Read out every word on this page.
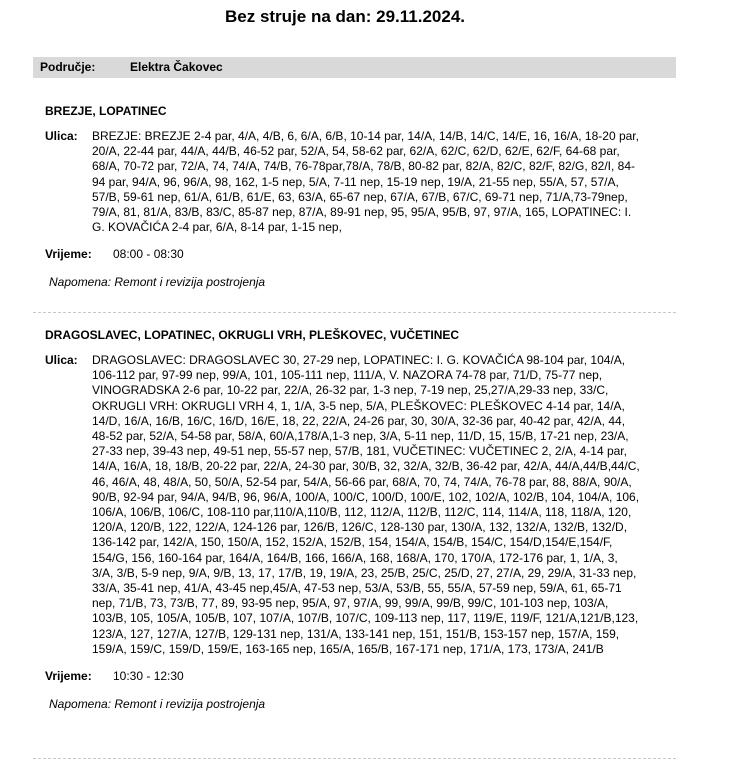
Bez struje na dan: 29.11.2024.
Područje:	Elektra Čakovec
BREZJE, LOPATINEC
Ulica:	BREZJE: BREZJE 2-4 par, 4/A, 4/B, 6, 6/A, 6/B, 10-14 par, 14/A, 14/B, 14/C, 14/E, 16, 16/A, 18-20 par, 20/A, 22-44 par, 44/A, 44/B, 46-52 par, 52/A, 54, 58-62 par, 62/A, 62/C, 62/D, 62/E, 62/F, 64-68 par, 68/A, 70-72 par, 72/A, 74, 74/A, 74/B, 76-78par,78/A, 78/B, 80-82 par, 82/A, 82/C, 82/F, 82/G, 82/I, 84-94 par, 94/A, 96, 96/A, 98, 162, 1-5 nep, 5/A, 7-11 nep, 15-19 nep, 19/A, 21-55 nep, 55/A, 57, 57/A, 57/B, 59-61 nep, 61/A, 61/B, 61/E, 63, 63/A, 65-67 nep, 67/A, 67/B, 67/C, 69-71 nep, 71/A,73-79nep, 79/A, 81, 81/A, 83/B, 83/C, 85-87 nep, 87/A, 89-91 nep, 95, 95/A, 95/B, 97, 97/A, 165, LOPATINEC: I. G. KOVAČIĆA 2-4 par, 6/A, 8-14 par, 1-15 nep,
Vrijeme:	08:00 - 08:30
Napomena: Remont i revizija postrojenja
DRAGOSLAVEC, LOPATINEC, OKRUGLI VRH, PLEŠKOVEC, VUČETINEC
Ulica:	DRAGOSLAVEC: DRAGOSLAVEC 30, 27-29 nep, LOPATINEC: I. G. KOVAČIĆA 98-104 par, 104/A, 106-112 par, 97-99 nep, 99/A, 101, 105-111 nep, 111/A, V. NAZORA 74-78 par, 71/D, 75-77 nep, VINOGRADSKA 2-6 par, 10-22 par, 22/A, 26-32 par, 1-3 nep, 7-19 nep, 25,27/A,29-33 nep, 33/C, OKRUGLI VRH: OKRUGLI VRH 4, 1, 1/A, 3-5 nep, 5/A, PLEŠKOVEC: PLEŠKOVEC 4-14 par, 14/A, 14/D, 16/A, 16/B, 16/C, 16/D, 16/E, 18, 22, 22/A, 24-26 par, 30, 30/A, 32-36 par, 40-42 par, 42/A, 44, 48-52 par, 52/A, 54-58 par, 58/A, 60/A,178/A,1-3 nep, 3/A, 5-11 nep, 11/D, 15, 15/B, 17-21 nep, 23/A, 27-33 nep, 39-43 nep, 49-51 nep, 55-57 nep, 57/B, 181, VUČETINEC: VUČETINEC 2, 2/A, 4-14 par, 14/A, 16/A, 18, 18/B, 20-22 par, 22/A, 24-30 par, 30/B, 32, 32/A, 32/B, 36-42 par, 42/A, 44/A,44/B,44/C, 46, 46/A, 48, 48/A, 50, 50/A, 52-54 par, 54/A, 56-66 par, 68/A, 70, 74, 74/A, 76-78 par, 88, 88/A, 90/A, 90/B, 92-94 par, 94/A, 94/B, 96, 96/A, 100/A, 100/C, 100/D, 100/E, 102, 102/A, 102/B, 104, 104/A, 106, 106/A, 106/B, 106/C, 108-110 par,110/A,110/B, 112, 112/A, 112/B, 112/C, 114, 114/A, 118, 118/A, 120, 120/A, 120/B, 122, 122/A, 124-126 par, 126/B, 126/C, 128-130 par, 130/A, 132, 132/A, 132/B, 132/D, 136-142 par, 142/A, 150, 150/A, 152, 152/A, 152/B, 154, 154/A, 154/B, 154/C, 154/D,154/E,154/F, 154/G, 156, 160-164 par, 164/A, 164/B, 166, 166/A, 168, 168/A, 170, 170/A, 172-176 par, 1, 1/A, 3, 3/A, 3/B, 5-9 nep, 9/A, 9/B, 13, 17, 17/B, 19, 19/A, 23, 25/B, 25/C, 25/D, 27, 27/A, 29, 29/A, 31-33 nep, 33/A, 35-41 nep, 41/A, 43-45 nep,45/A, 47-53 nep, 53/A, 53/B, 55, 55/A, 57-59 nep, 59/A, 61, 65-71 nep, 71/B, 73, 73/B, 77, 89, 93-95 nep, 95/A, 97, 97/A, 99, 99/A, 99/B, 99/C, 101-103 nep, 103/A, 103/B, 105, 105/A, 105/B, 107, 107/A, 107/B, 107/C, 109-113 nep, 117, 119/E, 119/F, 121/A,121/B,123, 123/A, 127, 127/A, 127/B, 129-131 nep, 131/A, 133-141 nep, 151, 151/B, 153-157 nep, 157/A, 159, 159/A, 159/C, 159/D, 159/E, 163-165 nep, 165/A, 165/B, 167-171 nep, 171/A, 173, 173/A, 241/B
Vrijeme:	10:30 - 12:30
Napomena: Remont i revizija postrojenja
